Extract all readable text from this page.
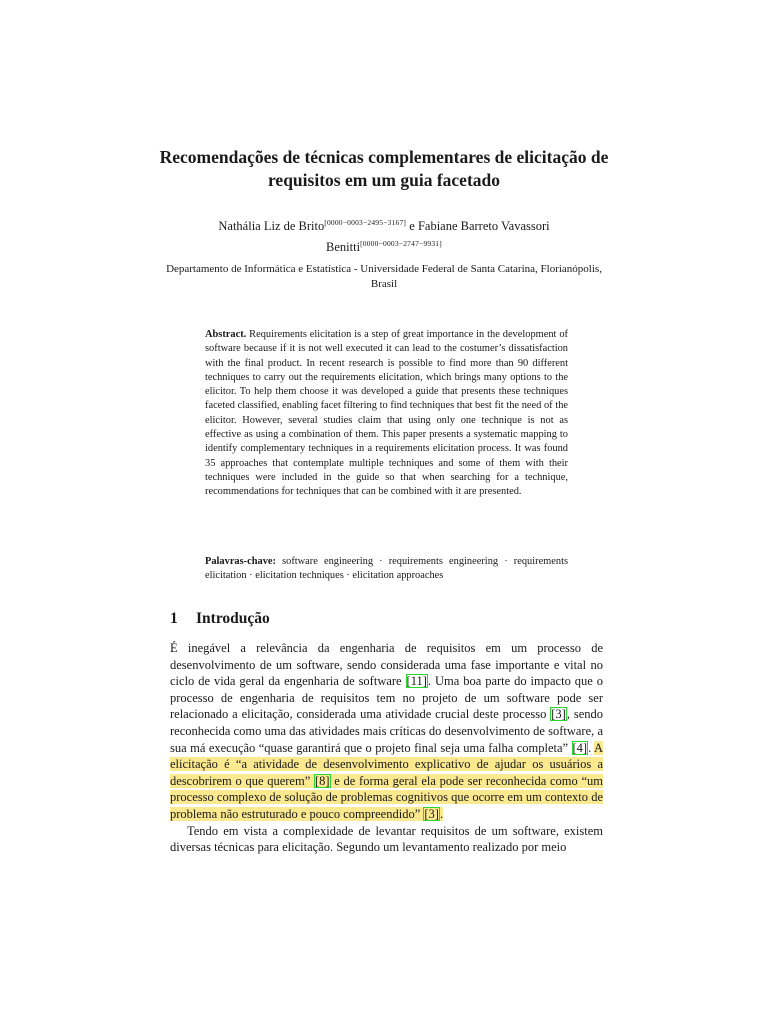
Recomendações de técnicas complementares de elicitação de requisitos em um guia facetado
Nathália Liz de Brito[0000−0003−2495−3167] e Fabiane Barreto Vavassori Benitti[0000−0003−2747−9931]
Departamento de Informática e Estatística - Universidade Federal de Santa Catarina, Florianópolis, Brasil
Abstract. Requirements elicitation is a step of great importance in the development of software because if it is not well executed it can lead to the costumer’s dissatisfaction with the final product. In recent research is possible to find more than 90 different techniques to carry out the requirements elicitation, which brings many options to the elicitor. To help them choose it was developed a guide that presents these techniques faceted classified, enabling facet filtering to find techniques that best fit the need of the elicitor. However, several studies claim that using only one technique is not as effective as using a combination of them. This paper presents a systematic mapping to identify complementary techniques in a requirements elicitation process. It was found 35 approaches that contemplate multiple techniques and some of them with their techniques were included in the guide so that when searching for a technique, recommendations for techniques that can be combined with it are presented.
Palavras-chave: software engineering · requirements engineering · requirements elicitation · elicitation techniques · elicitation approaches
1 Introdução

É inegável a relevância da engenharia de requisitos em um processo de desenvolvimento de um software, sendo considerada uma fase importante e vital no ciclo de vida geral da engenharia de software [11]. Uma boa parte do impacto que o processo de engenharia de requisitos tem no projeto de um software pode ser relacionado a elicitação, considerada uma atividade crucial deste processo [3], sendo reconhecida como uma das atividades mais críticas do desenvolvimento de software, a sua má execução “quase garantirá que o projeto final seja uma falha completa” [4]. A elicitação é “a atividade de desenvolvimento explicativo de ajudar os usuários a descobrirem o que querem” [8] e de forma geral ela pode ser reconhecida como “um processo complexo de solução de problemas cognitivos que ocorre em um contexto de problema não estruturado e pouco compreendido” [3].

Tendo em vista a complexidade de levantar requisitos de um software, existem diversas técnicas para elicitação. Segundo um levantamento realizado por meio
